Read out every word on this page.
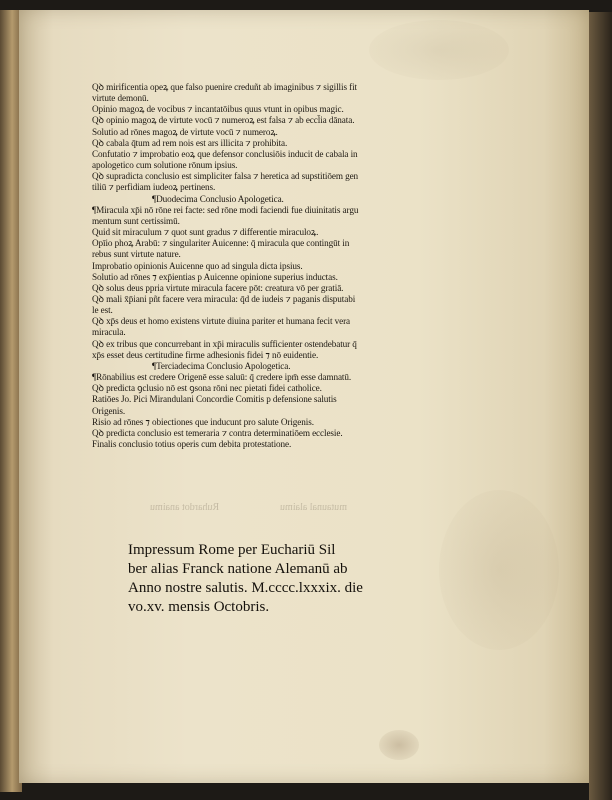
Ruhardot anaimu	mutaunal alaimu
Qꝺ mirificentia opeꝝ que falso puenire creduñt ab imaginibus ⁊ sigillis fit
virtute demonū.
Opinio magoꝝ de vocibus ⁊ incantatōibus quus vtunt in opibus magic.
Qꝺ opinio magoꝝ de virtute vocū ⁊ numeroꝝ est falsa ⁊ ab eccl̄ia dānata.
Solutio ad rōnes magoꝝ de virtute vocū ⁊ numeroꝝ.
Qꝺ cabala q̄tum ad rem nois est ars illicita ⁊ prohibita.
Confutatio ⁊ improbatio eoꝝ que defensor conclusiōis inducit de cabala in
apologetico cum solutione rōnum ipsius.
Qꝺ supradicta conclusio est simpliciter falsa ⁊ heretica ad supstitiōem gen
tiliū ⁊ perfidiam iudeoꝝ pertinens.
¶Duodecima Conclusio Apologetica.
¶Miracula xp̄i nō rōne rei facte: sed rōne modi faciendi fue diuinitatis argu
mentum sunt certissimū.
Quid sit miraculum ⁊ quot sunt gradus ⁊ differentie miraculoꝝ.
Opīio phoꝝ Arabū: ⁊ singulariter Auicenne: q̄ miracula que contingūt in
rebus sunt virtute nature.
Improbatio opinionis Auicenne quo ad singula dicta ipsius.
Solutio ad rōnes ⁊ exp̄ientias p Auicenne opinione superius inductas.
Qꝺ solus deus ppria virtute miracula facere pōt: creatura vō per gratiā.
Qꝺ mali x̄p̄iani pñt facere vera miracula: q̄d de iudeis ⁊ paganis disputabi
le est.
Qꝺ xp̄s deus et homo existens virtute diuina pariter et humana fecit vera
miracula.
Qꝺ ex tribus que concurrebant in xp̄i miraculis sufficienter ostendebatur q̄
xp̄s esset deus certitudine firme adhesionis fidei ⁊ nō euidentie.
¶Terciadecima Conclusio Apologetica.
¶Rōnabilius est credere Origenē esse saluū: q̄ credere ipm̄ esse damnatū.
Qꝺ predicta ꝯclusio nō est ꝯsona rōni nec pietati fidei catholice.
Ratiōes Jo. Pici Mirandulani Concordie Comitis p defensione salutis
Origenis.
Risio ad rōnes ⁊ obiectiones que inducunt pro salute Origenis.
Qꝺ predicta conclusio est temeraria ⁊ contra determinatiōem ecclesie.
Finalis conclusio totius operis cum debita protestatione.
Impressum Rome per Euchariū Sil
ber alias Franck natione Alemanū ab
Anno nostre salutis. M.cccc.lxxxix. die
vo.xv. mensis Octobris.
